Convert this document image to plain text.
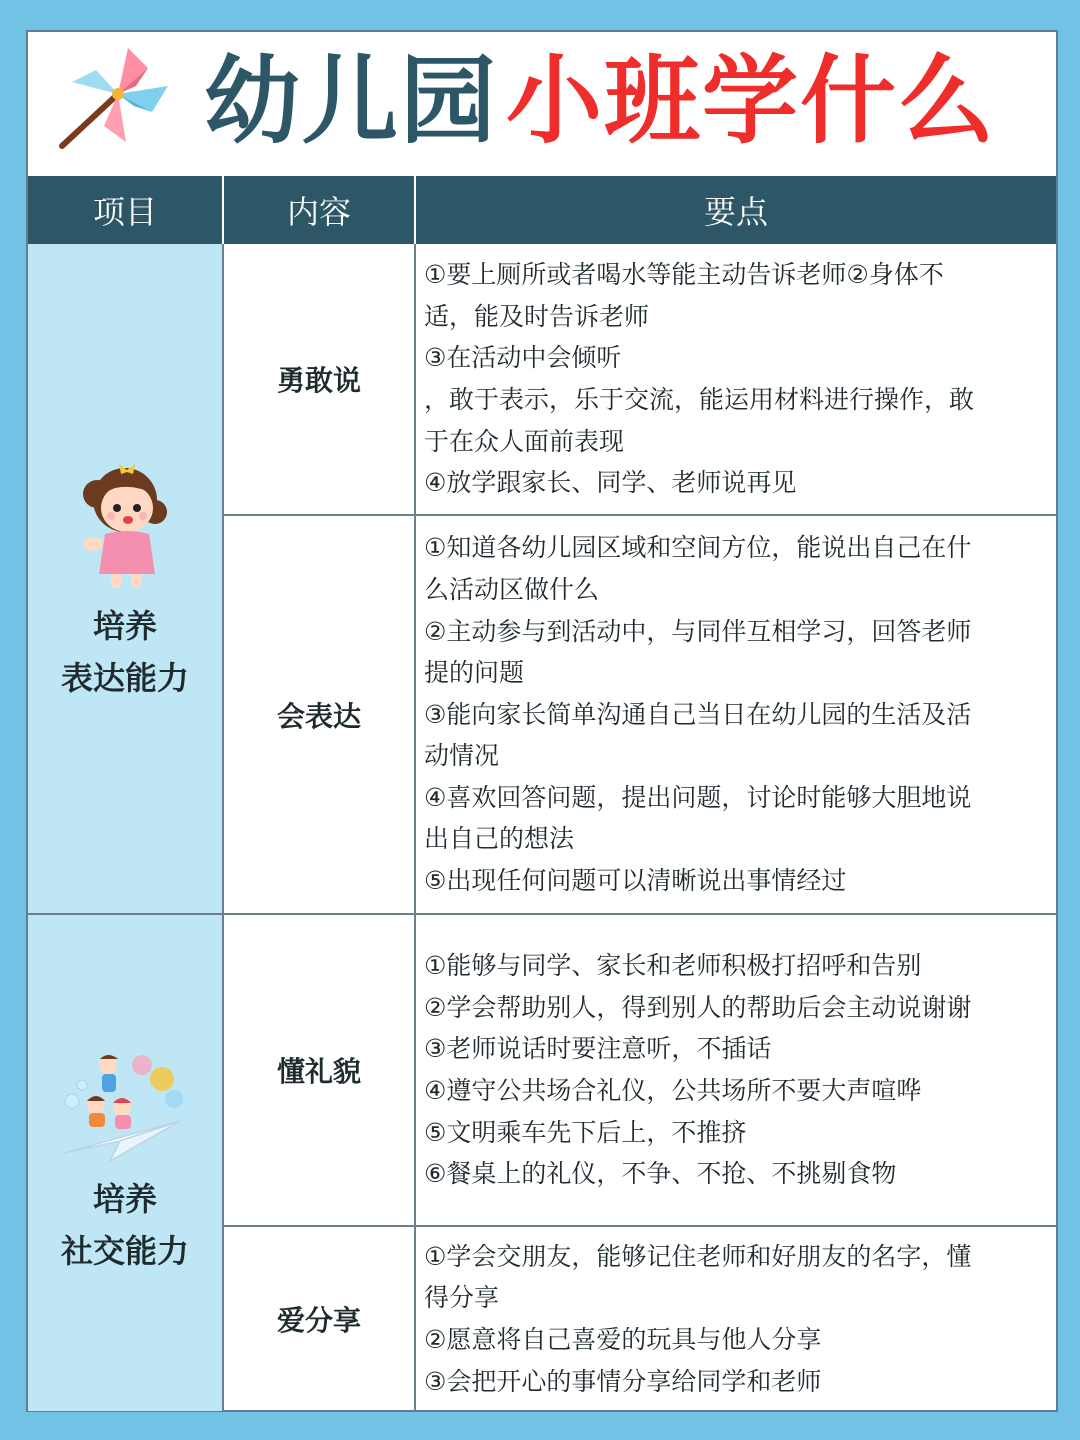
幼儿园 小班学什么
项目	内容	要点
培养
表达能力
勇敢说
①要上厕所或者喝水等能主动告诉老师②身体不
适，能及时告诉老师
③在活动中会倾听
，敢于表示，乐于交流，能运用材料进行操作，敢
于在众人面前表现
④放学跟家长、同学、老师说再见
会表达
①知道各幼儿园区域和空间方位，能说出自己在什
么活动区做什么
②主动参与到活动中，与同伴互相学习，回答老师
提的问题
③能向家长简单沟通自己当日在幼儿园的生活及活
动情况
④喜欢回答问题，提出问题，讨论时能够大胆地说
出自己的想法
⑤出现任何问题可以清晰说出事情经过
培养
社交能力
懂礼貌
①能够与同学、家长和老师积极打招呼和告别
②学会帮助别人，得到别人的帮助后会主动说谢谢
③老师说话时要注意听，不插话
④遵守公共场合礼仪，公共场所不要大声喧哗
⑤文明乘车先下后上，不推挤
⑥餐桌上的礼仪，不争、不抢、不挑剔食物
爱分享
①学会交朋友，能够记住老师和好朋友的名字，懂
得分享
②愿意将自己喜爱的玩具与他人分享
③会把开心的事情分享给同学和老师
